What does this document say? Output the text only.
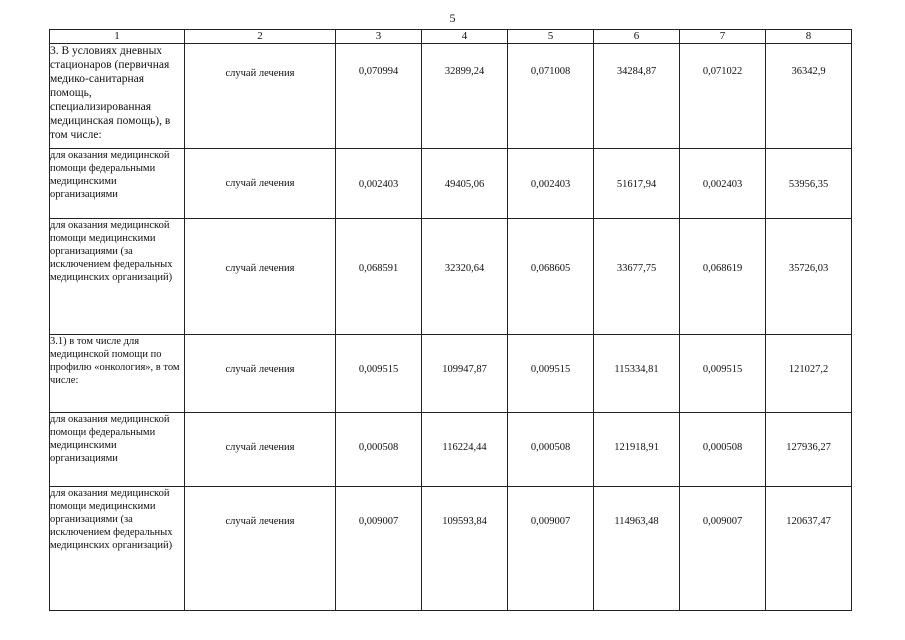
5
1	2	3	4	5	6	7	8
3. В условиях дневных стационаров (первичная медико-санитарная помощь, специализированная медицинская помощь), в том числе:	случай лечения	0,070994	32899,24	0,071008	34284,87	0,071022	36342,9
для оказания медицинской помощи федеральными медицинскими организациями	случай лечения	0,002403	49405,06	0,002403	51617,94	0,002403	53956,35
для оказания медицинской помощи медицинскими организациями (за исключением федеральных медицинских организаций)	случай лечения	0,068591	32320,64	0,068605	33677,75	0,068619	35726,03
3.1) в том числе для медицинской помощи по профилю «онкология», в том числе:	случай лечения	0,009515	109947,87	0,009515	115334,81	0,009515	121027,2
для оказания медицинской помощи федеральными медицинскими организациями	случай лечения	0,000508	116224,44	0,000508	121918,91	0,000508	127936,27
для оказания медицинской помощи медицинскими организациями (за исключением федеральных медицинских организаций)	случай лечения	0,009007	109593,84	0,009007	114963,48	0,009007	120637,47
